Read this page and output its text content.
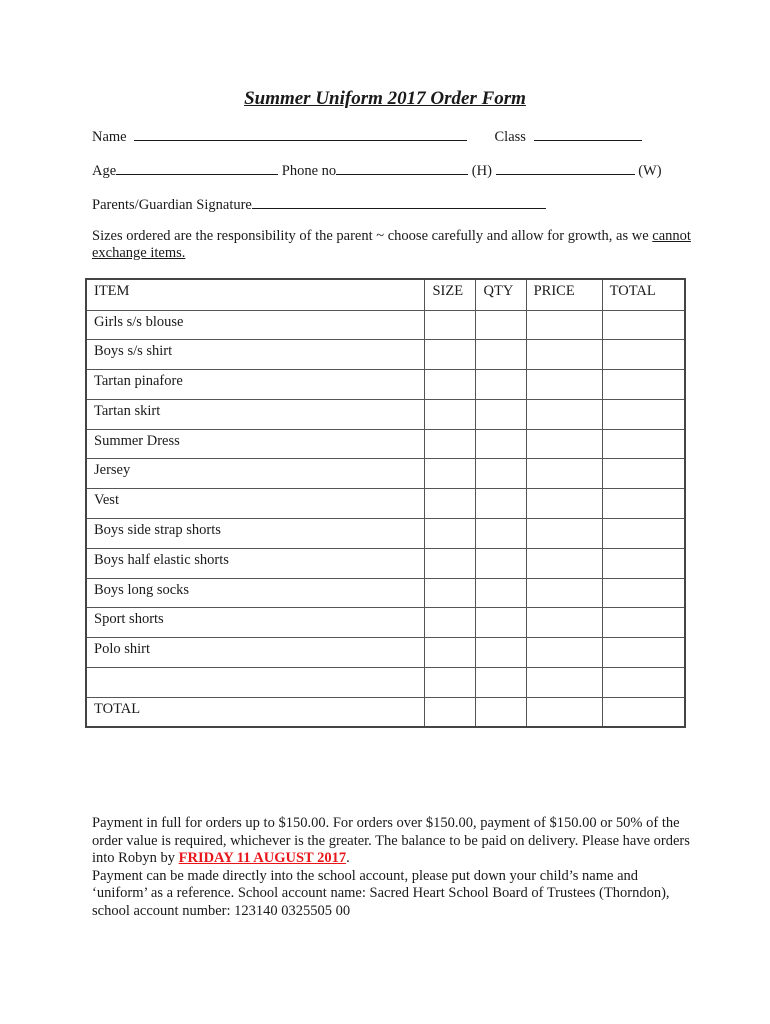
Summer Uniform 2017 Order Form
Name	Class
Age	Phone no	(H)	(W)
Parents/Guardian Signature
Sizes ordered are the responsibility of the parent ~ choose carefully and allow for growth, as we cannot exchange items.
ITEM	SIZE	QTY	PRICE	TOTAL

Girls s/s blouse				

Boys s/s shirt				

Tartan pinafore				

Tartan skirt				

Summer Dress				

Jersey				

Vest				

Boys side strap shorts				

Boys half elastic shorts				

Boys long socks				

Sport shorts				

Polo shirt				

TOTAL				

Payment in full for orders up to $150.00. For orders over $150.00, payment of $150.00 or 50% of the order value is required, whichever is the greater. The balance to be paid on delivery. Please have orders into Robyn by FRIDAY 11 AUGUST 2017.
Payment can be made directly into the school account, please put down your child’s name and ‘uniform’ as a reference. School account name: Sacred Heart School Board of Trustees (Thorndon), school account number: 123140 0325505 00
